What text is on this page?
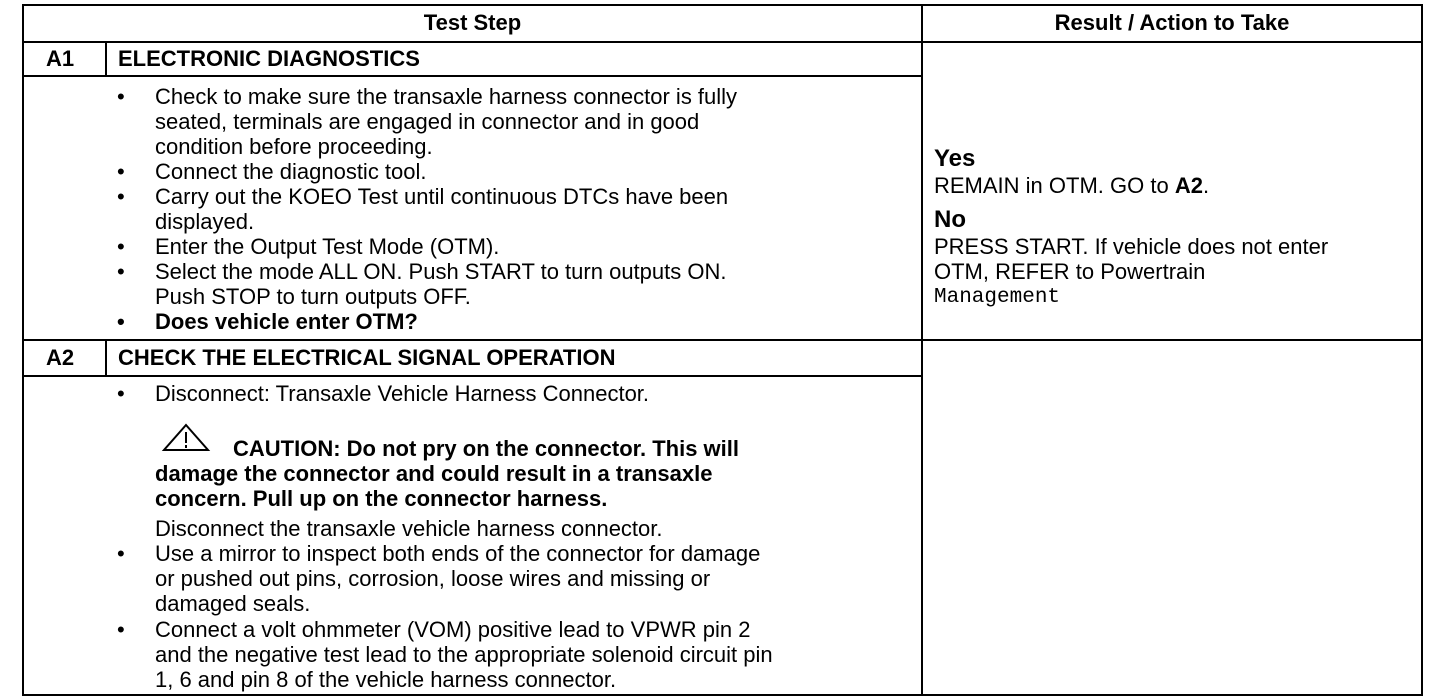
Test Step	Result / Action to Take
A1 ELECTRONIC DIAGNOSTICS
• Check to make sure the transaxle harness connector is fully
seated, terminals are engaged in connector and in good
condition before proceeding.
• Connect the diagnostic tool.
• Carry out the KOEO Test until continuous DTCs have been
displayed.
• Enter the Output Test Mode (OTM).
• Select the mode ALL ON. Push START to turn outputs ON.
Push STOP to turn outputs OFF.
• Does vehicle enter OTM?
Yes
REMAIN in OTM. GO to A2.
No
PRESS START. If vehicle does not enter
OTM, REFER to Powertrain
Management
A2 CHECK THE ELECTRICAL SIGNAL OPERATION
• Disconnect: Transaxle Vehicle Harness Connector.
CAUTION: Do not pry on the connector. This will
damage the connector and could result in a transaxle
concern. Pull up on the connector harness.
Disconnect the transaxle vehicle harness connector.
• Use a mirror to inspect both ends of the connector for damage
or pushed out pins, corrosion, loose wires and missing or
damaged seals.
• Connect a volt ohmmeter (VOM) positive lead to VPWR pin 2
and the negative test lead to the appropriate solenoid circuit pin
1, 6 and pin 8 of the vehicle harness connector.
